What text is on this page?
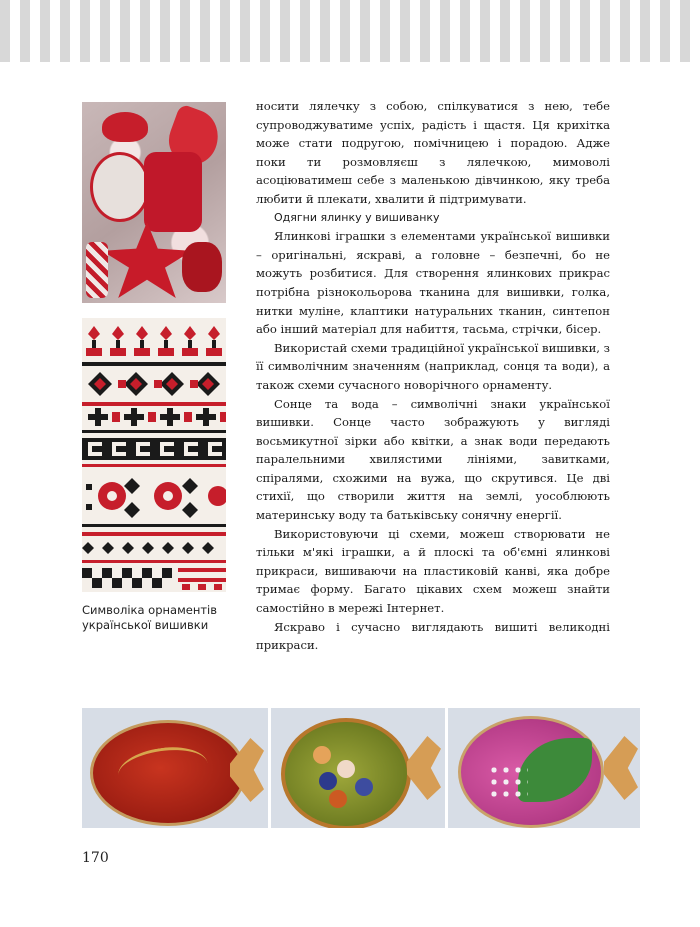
Символіка орнаментів української вишивки

носити лялечку з собою, спілкуватися з нею, тебе супроводжуватиме успіх, радість і щастя. Ця крихітка може стати подругою, помічницею і порадою. Адже поки ти розмовляєш з лялечкою, мимоволі асоціюватимеш себе з маленькою дівчинкою, яку треба любити й плекати, хвалити й підтримувати.

Одягни ялинку у вишиванку

Ялинкові іграшки з елементами української вишивки – оригінальні, яскраві, а головне – безпечні, бо не можуть розбитися. Для створення ялинкових прикрас потрібна різнокольорова тканина для вишивки, голка, нитки муліне, клаптики натуральних тканин, синтепон або інший матеріал для набиття, тасьма, стрічки, бісер.

Використай схеми традиційної української вишивки, з її символічним значенням (наприклад, сонця та води), а також схеми сучасного новорічного орнаменту.

Сонце та вода – символічні знаки української вишивки. Сонце часто зображують у вигляді восьмикутної зірки або квітки, а знак води передають паралельними хвилястими лініями, завитками, спіралями, схожими на вужа, що скрутився. Це дві стихії, що створили життя на землі, уособлюють материнську воду та батьківську сонячну енергії.

Використовуючи ці схеми, можеш створювати не тільки м'які іграшки, а й плоскі та об'ємні ялинкові прикраси, вишиваючи на пластиковій канві, яка добре тримає форму. Багато цікавих схем можеш знайти самостійно в мережі Інтернет.

Яскраво і сучасно виглядають вишиті великодні прикраси.

170
